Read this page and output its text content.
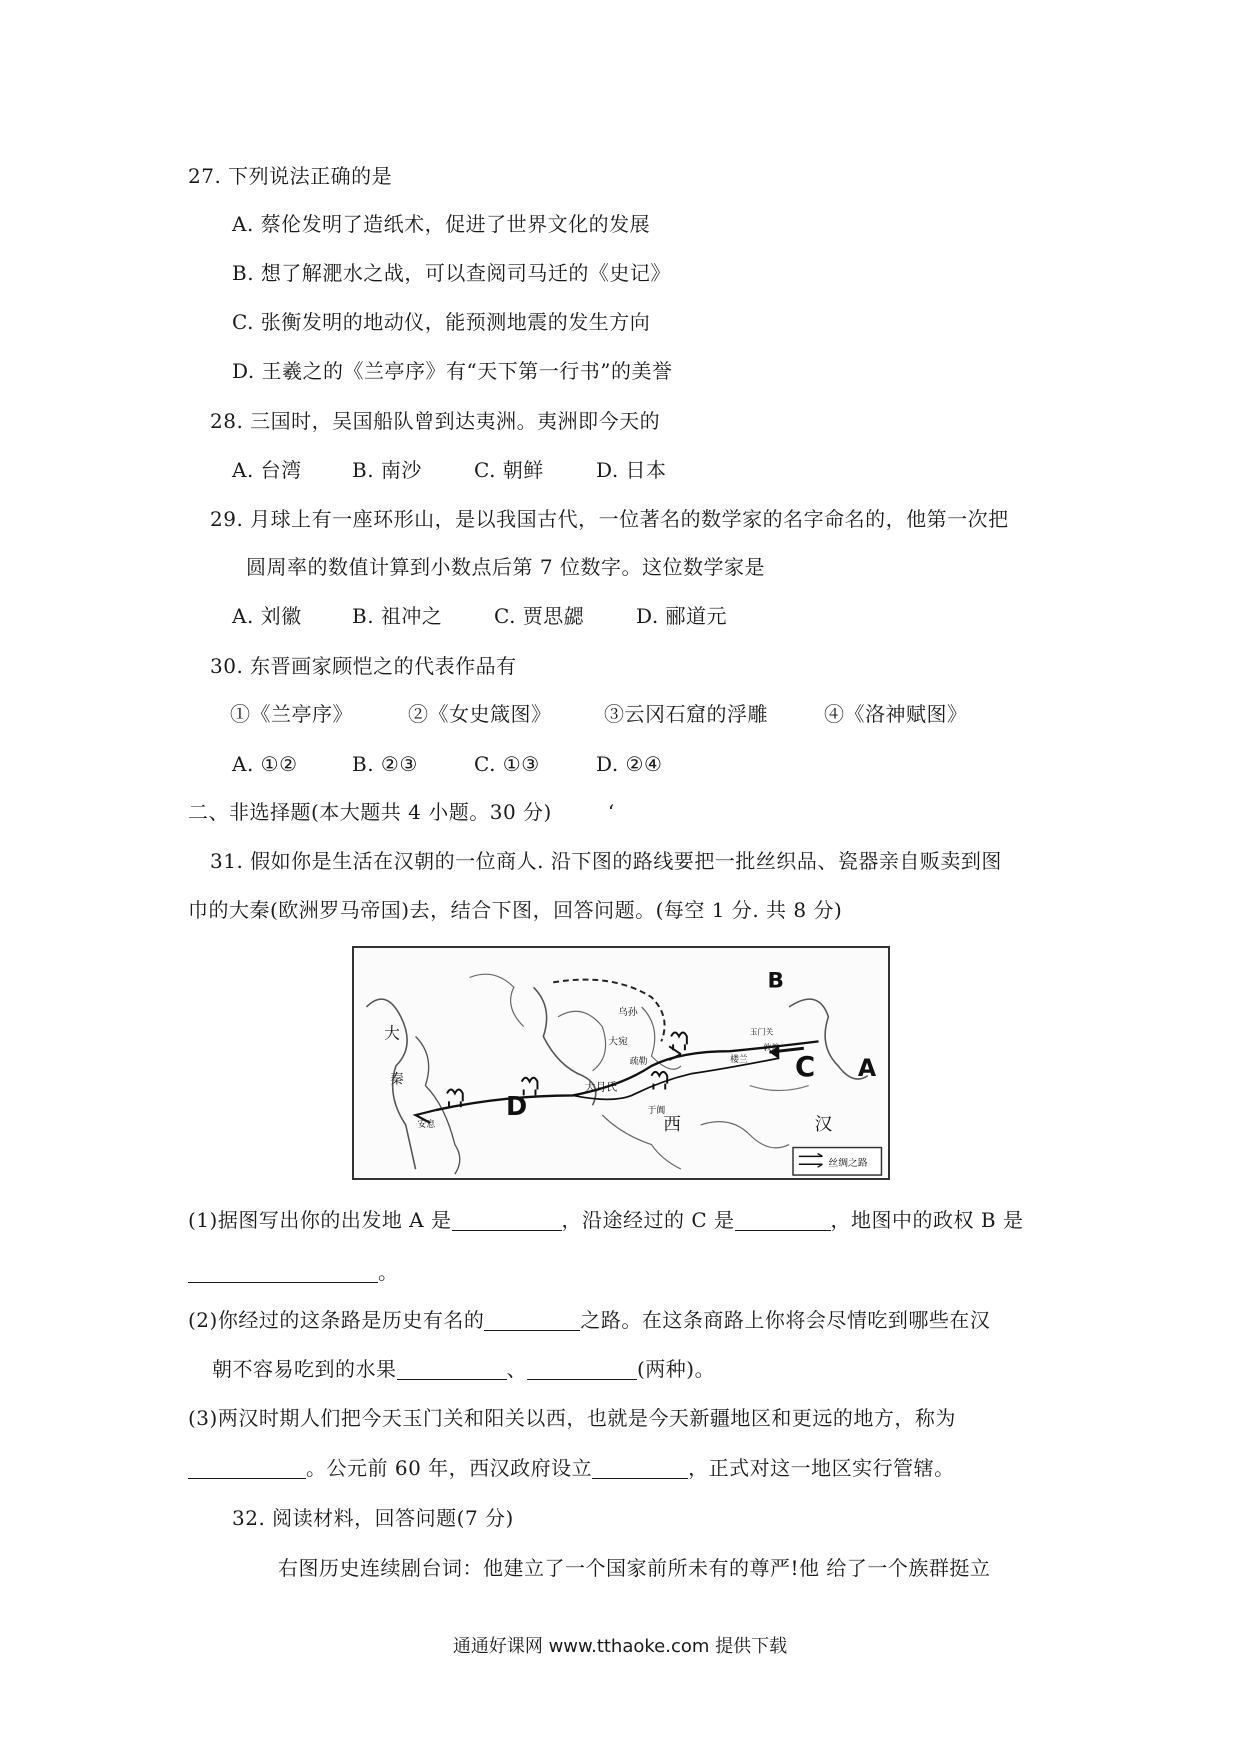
27. 下列说法正确的是
A. 蔡伦发明了造纸术，促进了世界文化的发展
B. 想了解淝水之战，可以查阅司马迁的《史记》
C. 张衡发明的地动仪，能预测地震的发生方向
D. 王羲之的《兰亭序》有“天下第一行书”的美誉
28. 三国时，吴国船队曾到达夷洲。夷洲即今天的
A. 台湾	B. 南沙	C. 朝鲜	D. 日本
29. 月球上有一座环形山，是以我国古代，一位著名的数学家的名字命名的，他第一次把
圆周率的数值计算到小数点后第 7 位数字。这位数学家是
A. 刘徽	B. 祖冲之	C. 贾思勰	D. 郦道元
30. 东晋画家顾恺之的代表作品有
①《兰亭序》	②《女史箴图》	③云冈石窟的浮雕	④《洛神赋图》
A. ①②	B. ②③	C. ①③	D. ②④
二、非选择题(本大题共 4 小题。30 分)	‘
31. 假如你是生活在汉朝的一位商人. 沿下图的路线要把一批丝织品、瓷器亲自贩卖到图
巾的大秦(欧洲罗马帝国)去，结合下图，回答问题。(每空 1 分. 共 8 分)
B
C A
D
大
秦
西	汉
大月氏
大宛
乌孙
疏勒
于阗
楼兰
敦煌
玉门关
安息
丝绸之路
(1)据图写出你的出发地 A 是	，沿途经过的 C 是	，地图中的政权 B 是
。
(2)你经过的这条路是历史有名的	之路。在这条商路上你将会尽情吃到哪些在汉
朝不容易吃到的水果	、	(两种)。
(3)两汉时期人们把今天玉门关和阳关以西，也就是今天新疆地区和更远的地方，称为
。公元前 60 年，西汉政府设立	，正式对这一地区实行管辖。
32. 阅读材料，回答问题(7 分)
右图历史连续剧台词：他建立了一个国家前所未有的尊严!他 给了一个族群挺立
通通好课网 www.tthaoke.com 提供下载
